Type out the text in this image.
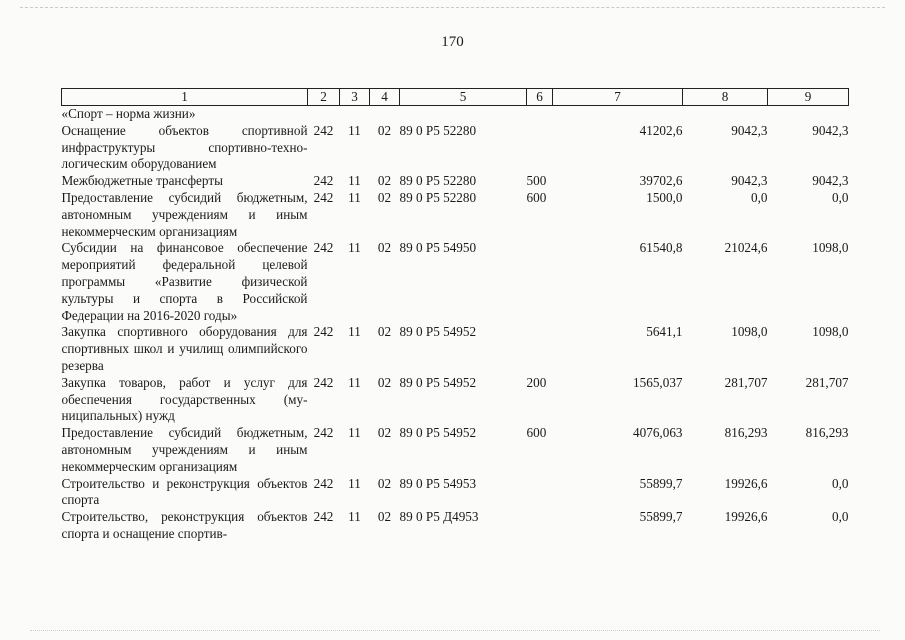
170
1	2	3	4	5	6	7	8	9
«Спорт – норма жизни»								
Оснащение объектов спортивной инфраструктуры спортивно-технологическим оборудованием	242	11	02	89 0 P5 52280		41202,6	9042,3	9042,3
Межбюджетные трансферты	242	11	02	89 0 P5 52280	500	39702,6	9042,3	9042,3
Предоставление субсидий бюджетным, автономным учреждениям и иным некоммерческим организациям	242	11	02	89 0 P5 52280	600	1500,0	0,0	0,0
Субсидии на финансовое обеспечение мероприятий федеральной целевой программы «Развитие физической культуры и спорта в Российской Федерации на 2016-2020 годы»	242	11	02	89 0 P5 54950		61540,8	21024,6	1098,0
Закупка спортивного оборудования для спортивных школ и училищ олимпийского резерва	242	11	02	89 0 P5 54952		5641,1	1098,0	1098,0
Закупка товаров, работ и услуг для обеспечения государственных (муниципальных) нужд	242	11	02	89 0 P5 54952	200	1565,037	281,707	281,707
Предоставление субсидий бюджетным, автономным учреждениям и иным некоммерческим организациям	242	11	02	89 0 P5 54952	600	4076,063	816,293	816,293
Строительство и реконструкция объектов спорта	242	11	02	89 0 P5 54953		55899,7	19926,6	0,0
Строительство, реконструкция объектов спорта и оснащение спортив-	242	11	02	89 0 P5 Д4953		55899,7	19926,6	0,0
